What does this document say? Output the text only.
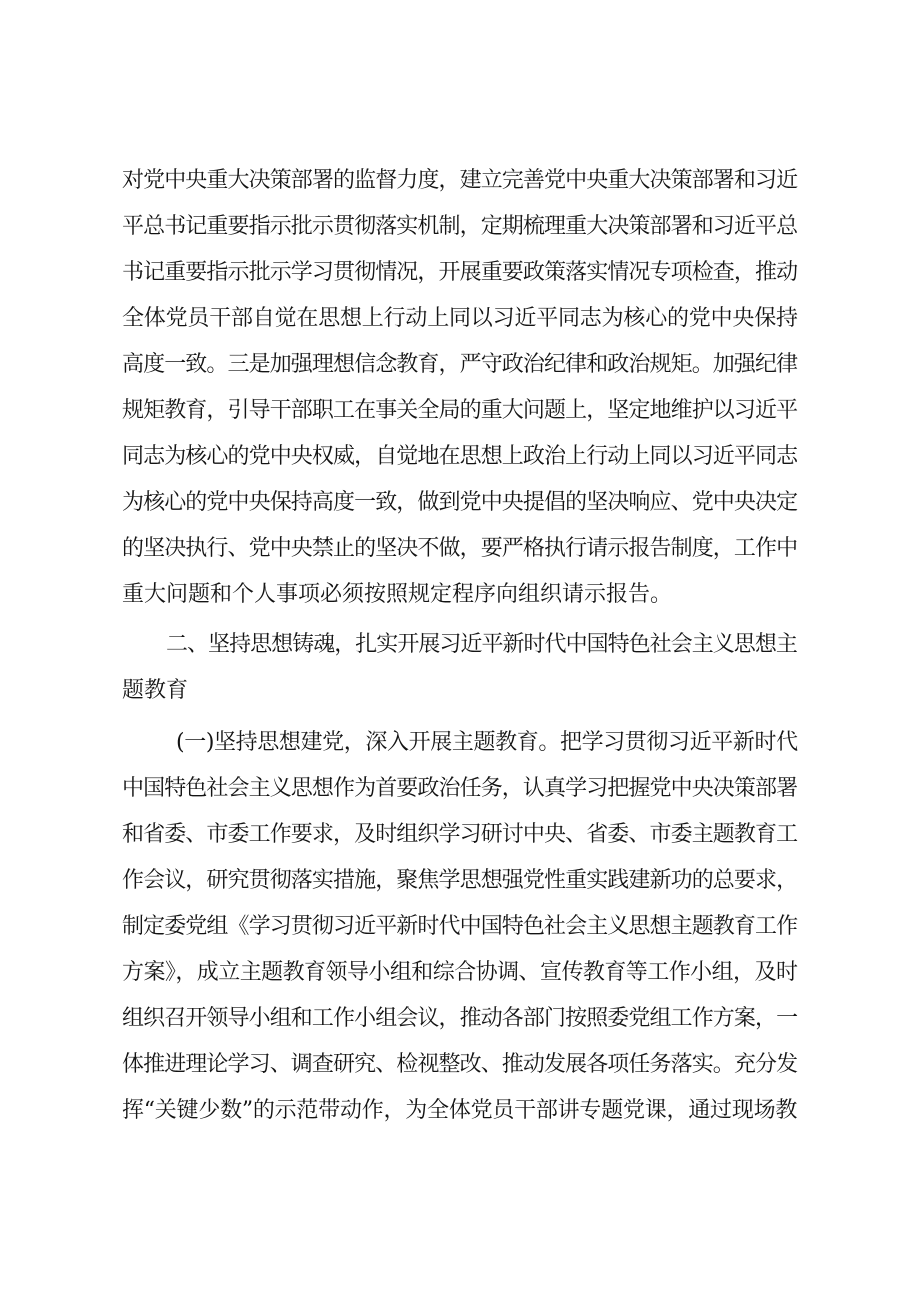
对党中央重大决策部署的监督力度，建立完善党中央重大决策部署和习近
平总书记重要指示批示贯彻落实机制，定期梳理重大决策部署和习近平总
书记重要指示批示学习贯彻情况，开展重要政策落实情况专项检查，推动
全体党员干部自觉在思想上行动上同以习近平同志为核心的党中央保持
高度一致。三是加强理想信念教育，严守政治纪律和政治规矩。加强纪律
规矩教育，引导干部职工在事关全局的重大问题上，坚定地维护以习近平
同志为核心的党中央权威，自觉地在思想上政治上行动上同以习近平同志
为核心的党中央保持高度一致，做到党中央提倡的坚决响应、党中央决定
的坚决执行、党中央禁止的坚决不做，要严格执行请示报告制度，工作中
重大问题和个人事项必须按照规定程序向组织请示报告。
二、坚持思想铸魂，扎实开展习近平新时代中国特色社会主义思想主
题教育
(一)坚持思想建党，深入开展主题教育。把学习贯彻习近平新时代
中国特色社会主义思想作为首要政治任务，认真学习把握党中央决策部署
和省委、市委工作要求，及时组织学习研讨中央、省委、市委主题教育工
作会议，研究贯彻落实措施，聚焦学思想强党性重实践建新功的总要求，
制定委党组《学习贯彻习近平新时代中国特色社会主义思想主题教育工作
方案》，成立主题教育领导小组和综合协调、宣传教育等工作小组，及时
组织召开领导小组和工作小组会议，推动各部门按照委党组工作方案，一
体推进理论学习、调查研究、检视整改、推动发展各项任务落实。充分发
挥“关键少数”的示范带动作，为全体党员干部讲专题党课，通过现场教
